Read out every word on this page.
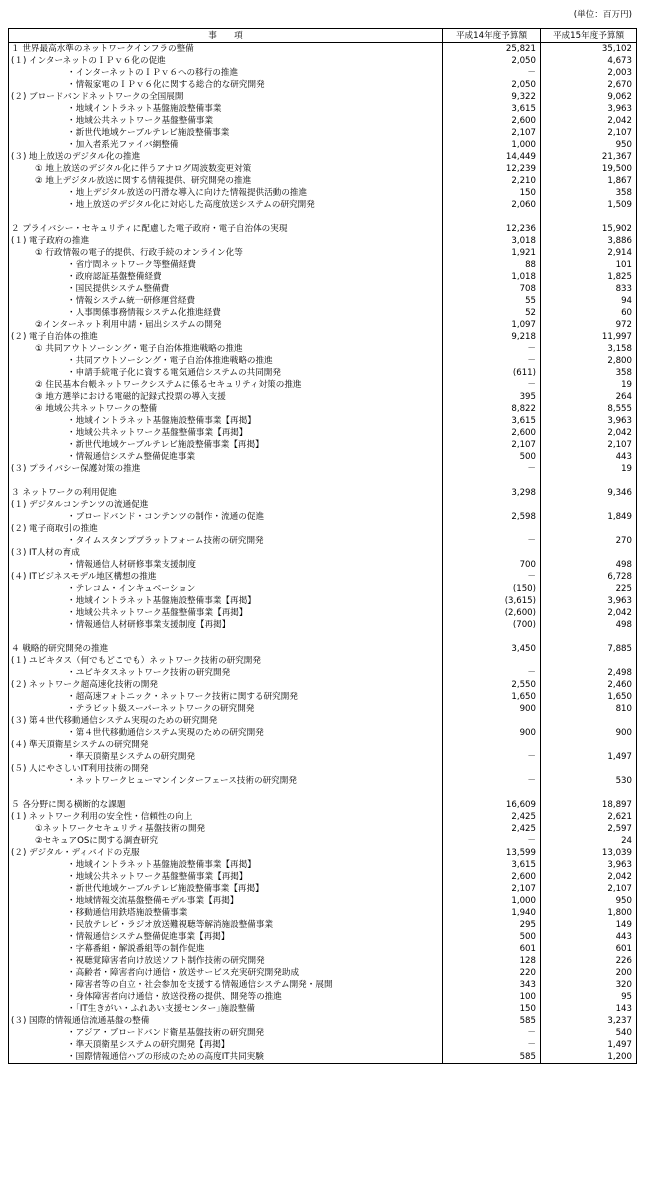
(単位：百万円)
事　　項	平成14年度予算額	平成15年度予算額
１ 世界最高水準のネットワークインフラの整備	25,821	35,102
(１) インターネットのＩＰｖ６化の促進	2,050	4,673
・インターネットのＩＰｖ６への移行の推進	－	2,003
・情報家電のＩＰｖ６化に関する総合的な研究開発	2,050	2,670
(２) ブロードバンドネットワークの全国展開	9,322	9,062
・地域イントラネット基盤施設整備事業	3,615	3,963
・地域公共ネットワーク基盤整備事業	2,600	2,042
・新世代地域ケーブルテレビ施設整備事業	2,107	2,107
・加入者系光ファイバ網整備	1,000	950
(３) 地上放送のデジタル化の推進	14,449	21,367
① 地上放送のデジタル化に伴うアナログ周波数変更対策	12,239	19,500
② 地上デジタル放送に関する情報提供、研究開発の推進	2,210	1,867
・地上デジタル放送の円滑な導入に向けた情報提供活動の推進	150	358
・地上放送のデジタル化に対応した高度放送システムの研究開発	2,060	1,509

２ プライバシー・セキュリティに配慮した電子政府・電子自治体の実現	12,236	15,902
(１) 電子政府の推進	3,018	3,886
① 行政情報の電子的提供、行政手続のオンライン化等	1,921	2,914
・省庁間ネットワーク等整備経費	88	101
・政府認証基盤整備経費	1,018	1,825
・国民提供システム整備費	708	833
・情報システム統一研修運営経費	55	94
・人事関係事務情報システム化推進経費	52	60
②インターネット利用申請・届出システムの開発	1,097	972
(２) 電子自治体の推進	9,218	11,997
① 共同アウトソーシング・電子自治体推進戦略の推進	－	3,158
・共同アウトソーシング・電子自治体推進戦略の推進	－	2,800
・申請手続電子化に資する電気通信システムの共同開発	(611)	358
② 住民基本台帳ネットワークシステムに係るセキュリティ対策の推進	－	19
③ 地方選挙における電磁的記録式投票の導入支援	395	264
④ 地域公共ネットワークの整備	8,822	8,555
・地域イントラネット基盤施設整備事業【再掲】	3,615	3,963
・地域公共ネットワーク基盤整備事業【再掲】	2,600	2,042
・新世代地域ケーブルテレビ施設整備事業【再掲】	2,107	2,107
・情報通信システム整備促進事業	500	443
(３) プライバシー保護対策の推進	－	19

３ ネットワークの利用促進	3,298	9,346
(１) デジタルコンテンツの流通促進		
・ブロードバンド・コンテンツの制作・流通の促進	2,598	1,849
(２) 電子商取引の推進		
・タイムスタンププラットフォーム技術の研究開発	－	270
(３) IT人材の育成		
・情報通信人材研修事業支援制度	700	498
(４) ITビジネスモデル地区構想の推進	－	6,728
・テレコム・インキュベーション	(150)	225
・地域イントラネット基盤施設整備事業【再掲】	(3,615)	3,963
・地域公共ネットワーク基盤整備事業【再掲】	(2,600)	2,042
・情報通信人材研修事業支援制度【再掲】	(700)	498

４ 戦略的研究開発の推進	3,450	7,885
(１) ユビキタス（何でもどこでも）ネットワーク技術の研究開発		
・ユビキタスネットワーク技術の研究開発	－	2,498
(２) ネットワーク超高速化技術の開発	2,550	2,460
・超高速フォトニック・ネットワーク技術に関する研究開発	1,650	1,650
・テラビット級スーパーネットワークの研究開発	900	810
(３) 第４世代移動通信システム実現のための研究開発		
・第４世代移動通信システム実現のための研究開発	900	900
(４) 準天頂衛星システムの研究開発		
・準天頂衛星システムの研究開発	－	1,497
(５) 人にやさしいIT利用技術の開発		
・ネットワークヒューマンインターフェース技術の研究開発	－	530

５ 各分野に関る横断的な課題	16,609	18,897
(１) ネットワーク利用の安全性・信頼性の向上	2,425	2,621
①ネットワークセキュリティ基盤技術の開発	2,425	2,597
②セキュアOSに関する調査研究	－	24
(２) デジタル・ディバイドの克服	13,599	13,039
・地域イントラネット基盤施設整備事業【再掲】	3,615	3,963
・地域公共ネットワーク基盤整備事業【再掲】	2,600	2,042
・新世代地域ケーブルテレビ施設整備事業【再掲】	2,107	2,107
・地域情報交流基盤整備モデル事業【再掲】	1,000	950
・移動通信用鉄塔施設整備事業	1,940	1,800
・民放テレビ・ラジオ放送難視聴等解消施設整備事業	295	149
・情報通信システム整備促進事業【再掲】	500	443
・字幕番組・解説番組等の制作促進	601	601
・視聴覚障害者向け放送ソフト制作技術の研究開発	128	226
・高齢者・障害者向け通信・放送サービス充実研究開発助成	220	200
・障害者等の自立・社会参加を支援する情報通信システム開発・展開	343	320
・身体障害者向け通信・放送役務の提供、開発等の推進	100	95
・｢IT生きがい・ふれあい支援センター｣施設整備	150	143
(３) 国際的情報通信流通基盤の整備	585	3,237
・アジア・ブロードバンド衛星基盤技術の研究開発	－	540
・準天頂衛星システムの研究開発【再掲】	－	1,497
・国際情報通信ハブの形成のための高度IT共同実験	585	1,200
